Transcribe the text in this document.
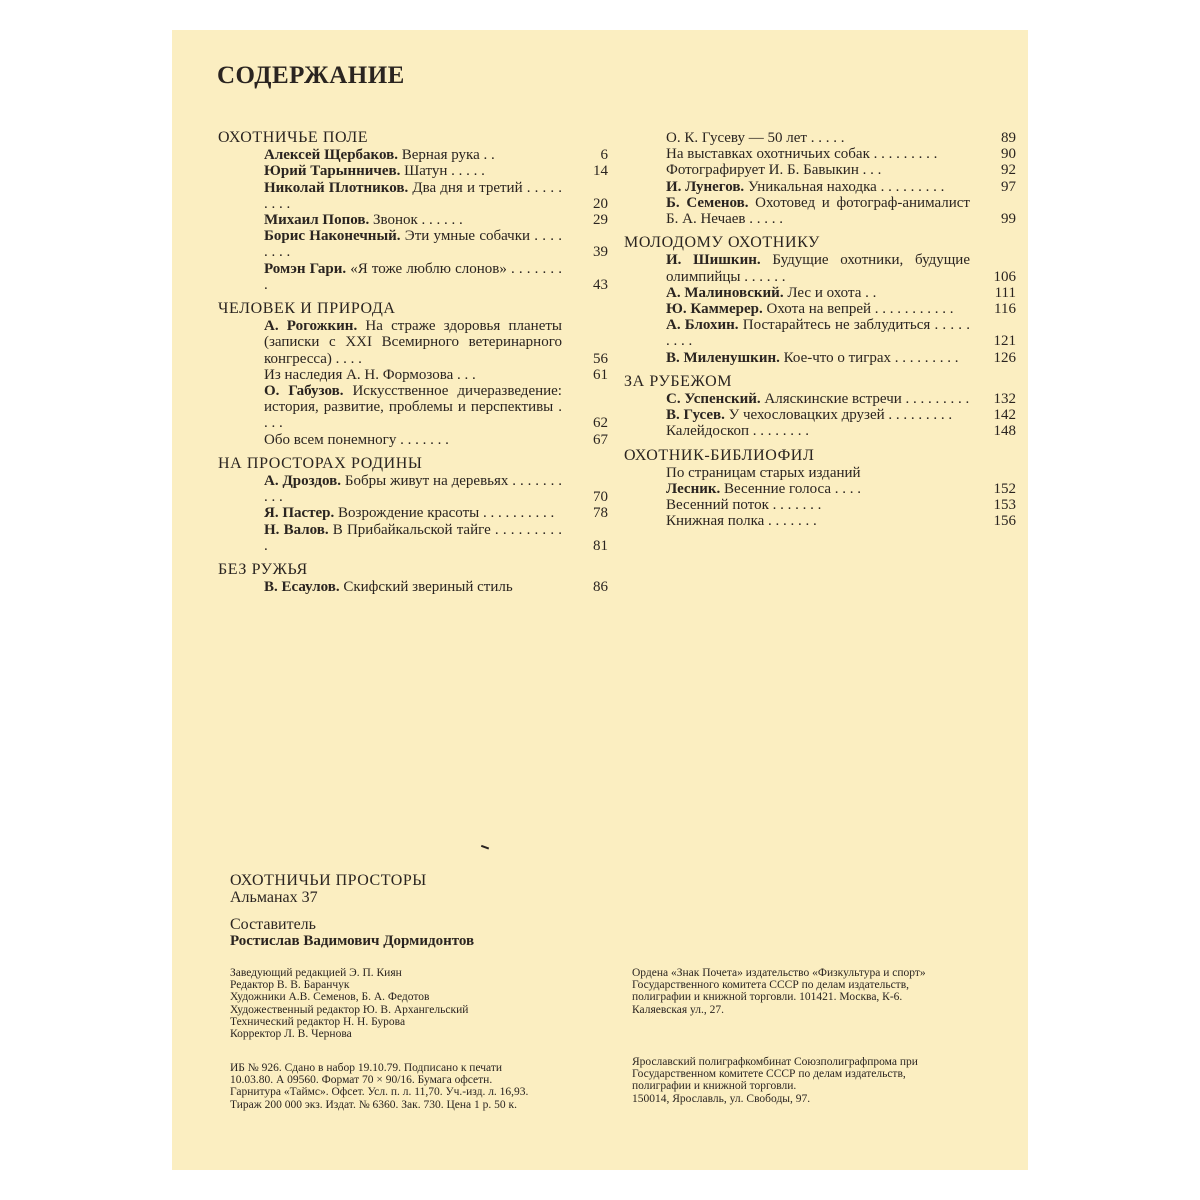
СОДЕРЖАНИЕ
ОХОТНИЧЬЕ ПОЛЕ
Алексей Щербаков. Верная рука . .	6
Юрий Тарынничев. Шатун . . . . .	14
Николай Плотников. Два дня и третий . . . . . . . . .	20
Михаил Попов. Звонок . . . . . .	29
Борис Наконечный. Эти умные собачки . . . . . . . .	39
Ромэн Гари. «Я тоже люблю слонов» . . . . . . . .	43
ЧЕЛОВЕК И ПРИРОДА
А. Рогожкин. На страже здоровья планеты (записки с XXI Всемирного ветеринарного конгресса) . . . .	56
Из наследия А. Н. Формозова . . .	61
О. Габузов. Искусственное дичеразведение: история, развитие, проблемы и перспективы . . . .	62
Обо всем понемногу . . . . . . .	67
НА ПРОСТОРАХ РОДИНЫ
А. Дроздов. Бобры живут на деревьях . . . . . . . . . .	70
Я. Пастер. Возрождение красоты . . . . . . . . . .	78
Н. Валов. В Прибайкальской тайге . . . . . . . . . .	81
БЕЗ РУЖЬЯ
В. Есаулов. Скифский звериный стиль	86
О. К. Гусеву — 50 лет . . . . .	89
На выставках охотничьих собак . . . . . . . . .	90
Фотографирует И. Б. Бавыкин . . .	92
И. Лунегов. Уникальная находка . . . . . . . . .	97
Б. Семенов. Охотовед и фотограф-анималист Б. А. Нечаев . . . . .	99
МОЛОДОМУ ОХОТНИКУ
И. Шишкин. Будущие охотники, будущие олимпийцы . . . . . .	106
А. Малиновский. Лес и охота . .	111
Ю. Каммерер. Охота на вепрей . . . . . . . . . . .	116
А. Блохин. Постарайтесь не заблудиться . . . . . . . . .	121
В. Миленушкин. Кое-что о тиграх . . . . . . . . .	126
ЗА РУБЕЖОМ
С. Успенский. Аляскинские встречи . . . . . . . . .	132
В. Гусев. У чехословацких друзей . . . . . . . . .	142
Калейдоскоп . . . . . . . .	148
ОХОТНИК-БИБЛИОФИЛ
По страницам старых изданий
Лесник. Весенние голоса . . . .	152
Весенний поток . . . . . . .	153
Книжная полка . . . . . . .	156
ОХОТНИЧЬИ ПРОСТОРЫ
Альманах 37
Составитель
Ростислав Вадимович Дормидонтов
Заведующий редакцией Э. П. Киян
Редактор В. В. Баранчук
Художники А.В. Семенов, Б. А. Федотов
Художественный редактор Ю. В. Архангельский
Технический редактор Н. Н. Бурова
Корректор Л. В. Чернова
ИБ № 926. Сдано в набор 19.10.79. Подписано к печати
10.03.80. А 09560. Формат 70 × 90/16. Бумага офсетн.
Гарнитура «Таймс». Офсет. Усл. п. л. 11,70. Уч.-изд. л. 16,93.
Тираж 200 000 экз. Издат. № 6360. Зак. 730. Цена 1 р. 50 к.
Ордена «Знак Почета» издательство «Физкультура и спорт»
Государственного комитета СССР по делам издательств,
полиграфии и книжной торговли. 101421. Москва, К-6.
Каляевская ул., 27.
Ярославский полиграфкомбинат Союзполиграфпрома при
Государственном комитете СССР по делам издательств,
полиграфии и книжной торговли.
150014, Ярославль, ул. Свободы, 97.
